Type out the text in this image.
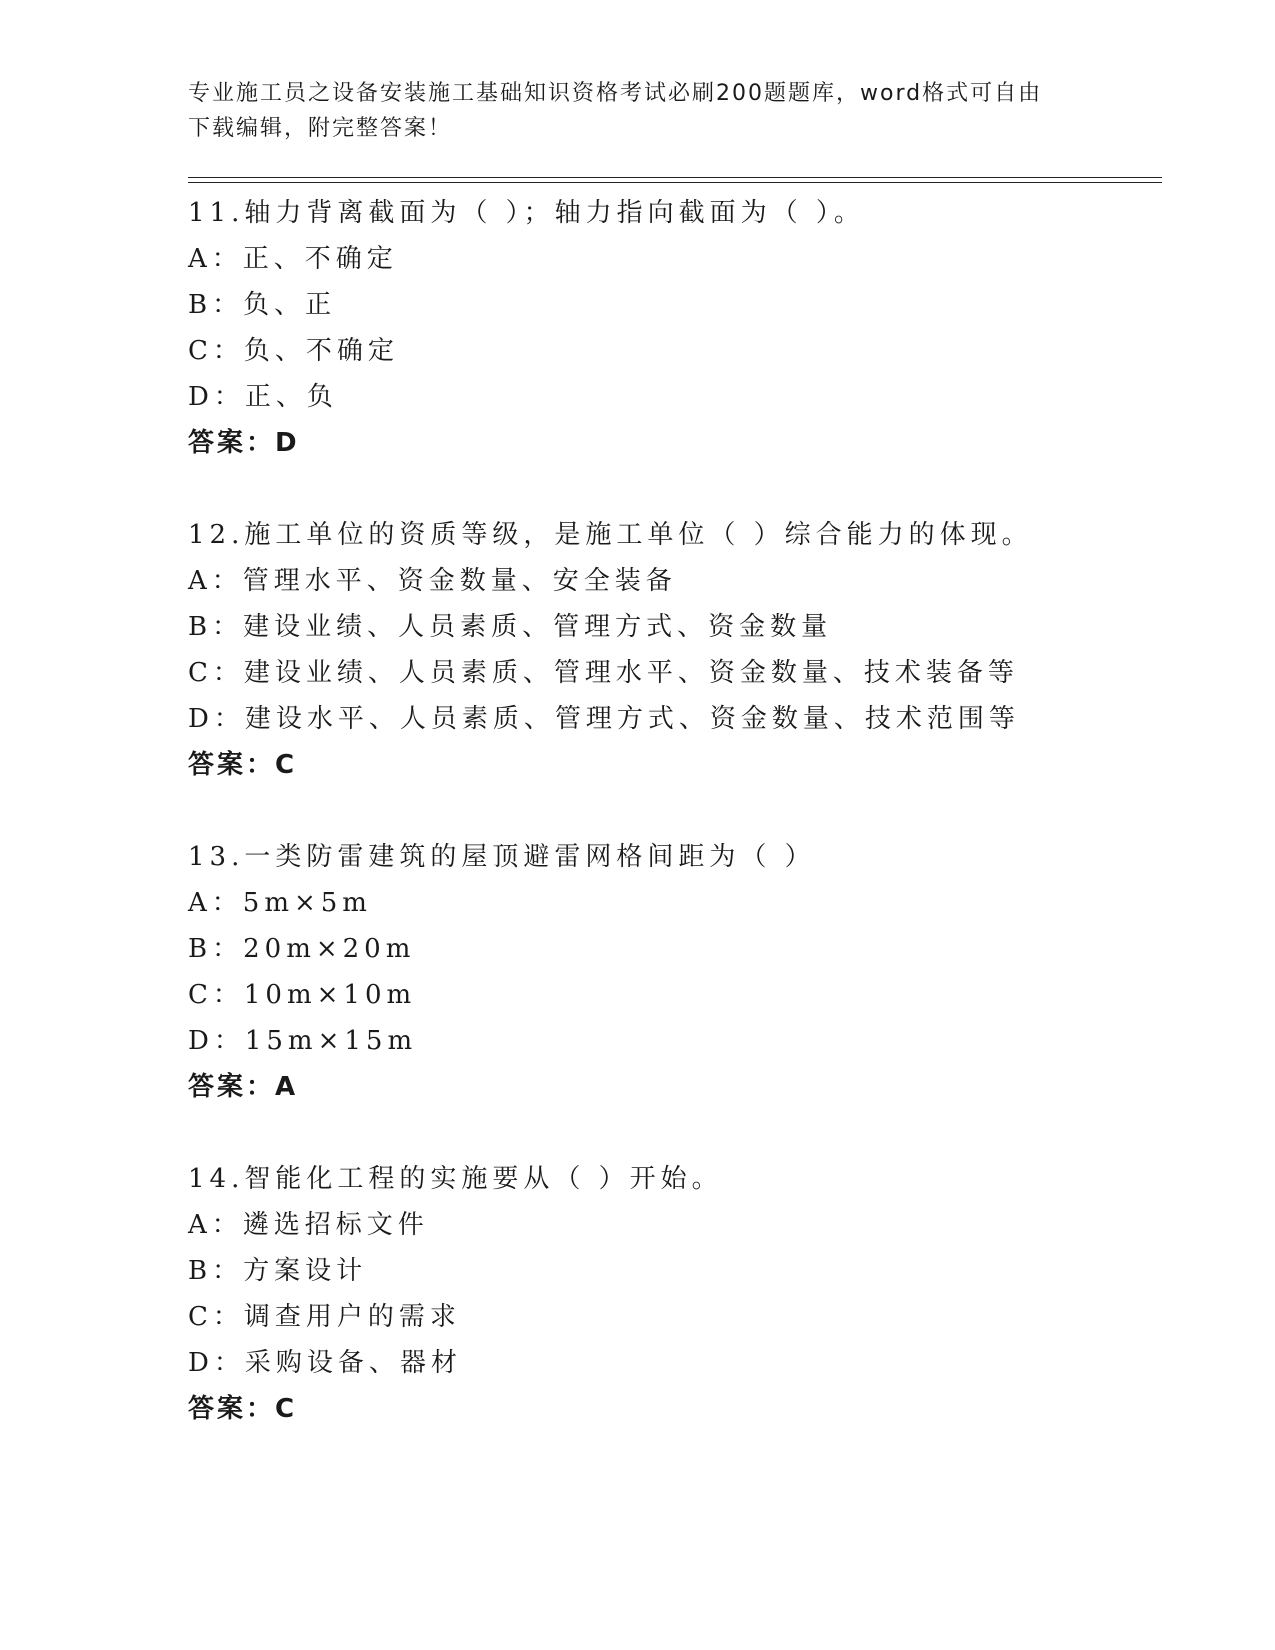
专业施工员之设备安装施工基础知识资格考试必刷200题题库，word格式可自由
下载编辑，附完整答案！
11.轴力背离截面为（ ）；轴力指向截面为（ ）。
A：正、不确定
B：负、正
C：负、不确定
D：正、负
答案：D
12.施工单位的资质等级，是施工单位（ ）综合能力的体现。
A：管理水平、资金数量、安全装备
B：建设业绩、人员素质、管理方式、资金数量
C：建设业绩、人员素质、管理水平、资金数量、技术装备等
D：建设水平、人员素质、管理方式、资金数量、技术范围等
答案：C
13.一类防雷建筑的屋顶避雷网格间距为（ ）
A：5m×5m
B：20m×20m
C：10m×10m
D：15m×15m
答案：A
14.智能化工程的实施要从（ ）开始。
A：遴选招标文件
B：方案设计
C：调查用户的需求
D：采购设备、器材
答案：C
